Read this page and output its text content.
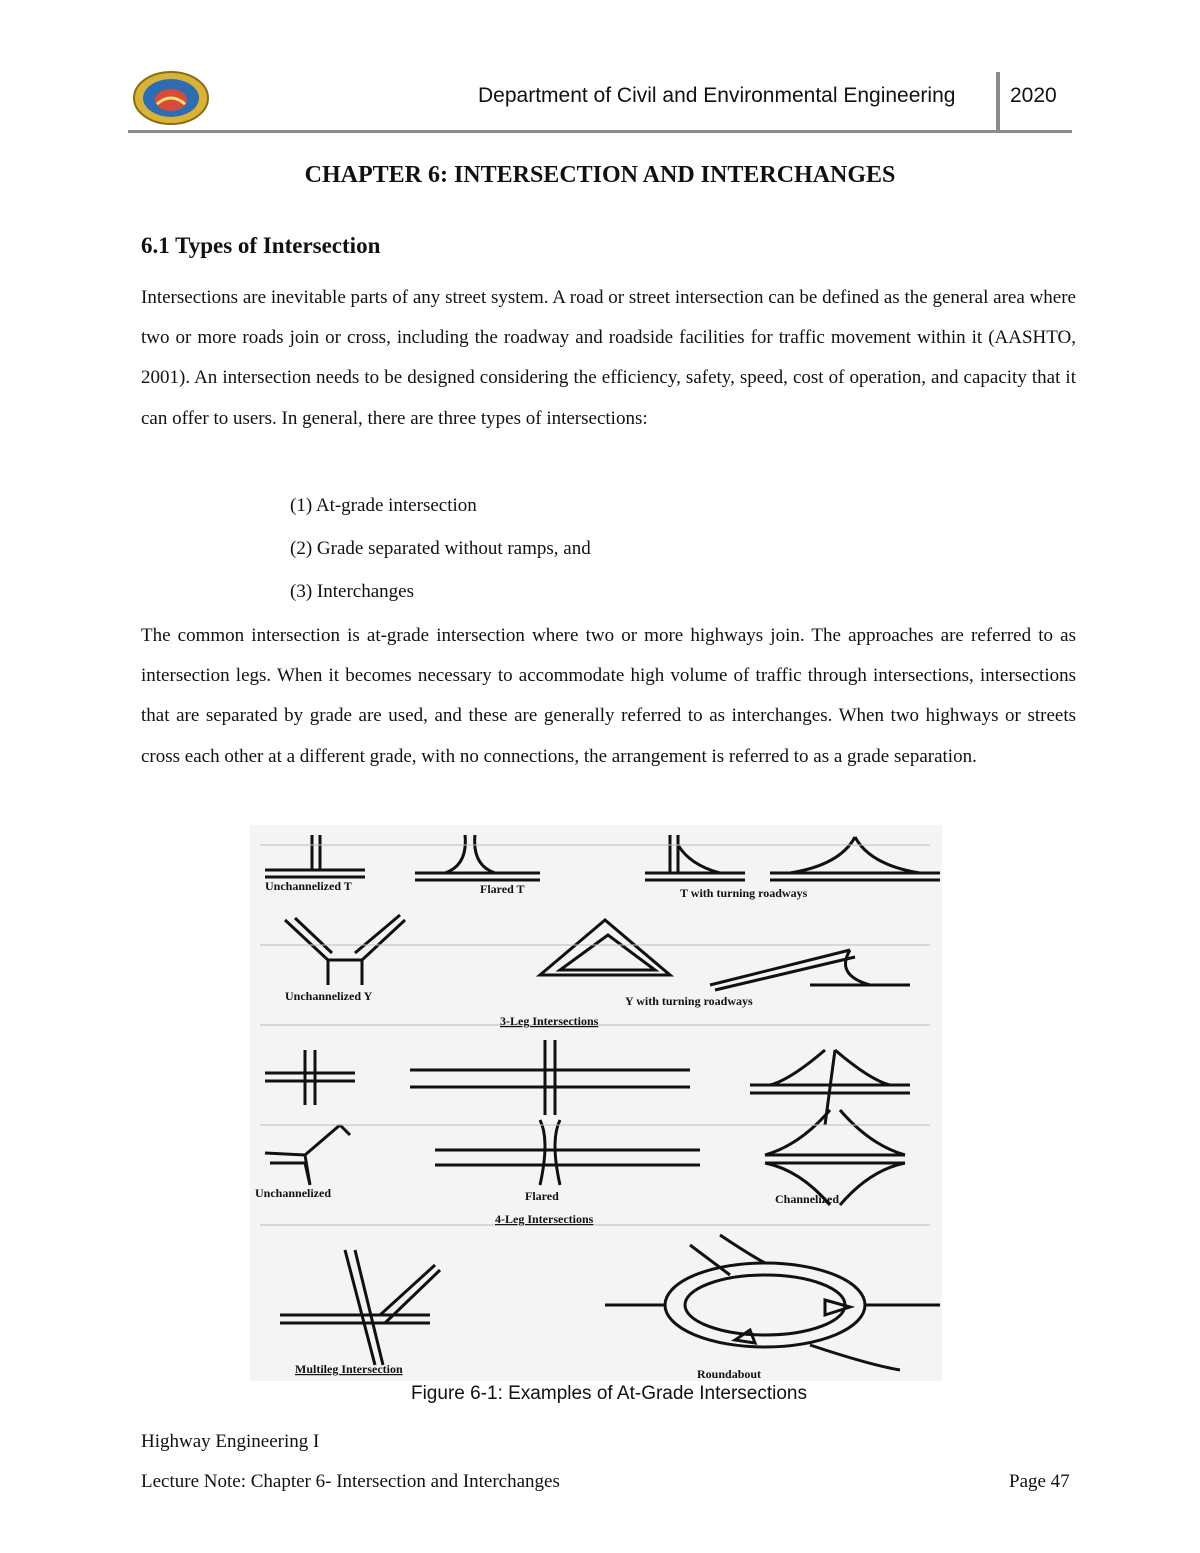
Department of Civil and Environmental Engineering	2020
CHAPTER 6: INTERSECTION AND INTERCHANGES
6.1 Types of Intersection
Intersections are inevitable parts of any street system. A road or street intersection can be defined as the general area where two or more roads join or cross, including the roadway and roadside facilities for traffic movement within it (AASHTO, 2001). An intersection needs to be designed considering the efficiency, safety, speed, cost of operation, and capacity that it can offer to users. In general, there are three types of intersections:
(1) At-grade intersection
(2) Grade separated without ramps, and
(3) Interchanges
The common intersection is at-grade intersection where two or more highways join. The approaches are referred to as intersection legs. When it becomes necessary to accommodate high volume of traffic through intersections, intersections that are separated by grade are used, and these are generally referred to as interchanges. When two highways or streets cross each other at a different grade, with no connections, the arrangement is referred to as a grade separation.
Unchannelized T	Flared T	T with turning roadways
Unchannelized Y	Y with turning roadways
3-Leg Intersections
Unchannelized	Flared	Channelized
4-Leg Intersections
Multileg Intersection	Roundabout
Figure 6-1: Examples of At-Grade Intersections
Highway Engineering I
Lecture Note: Chapter 6- Intersection and Interchanges	Page 47
